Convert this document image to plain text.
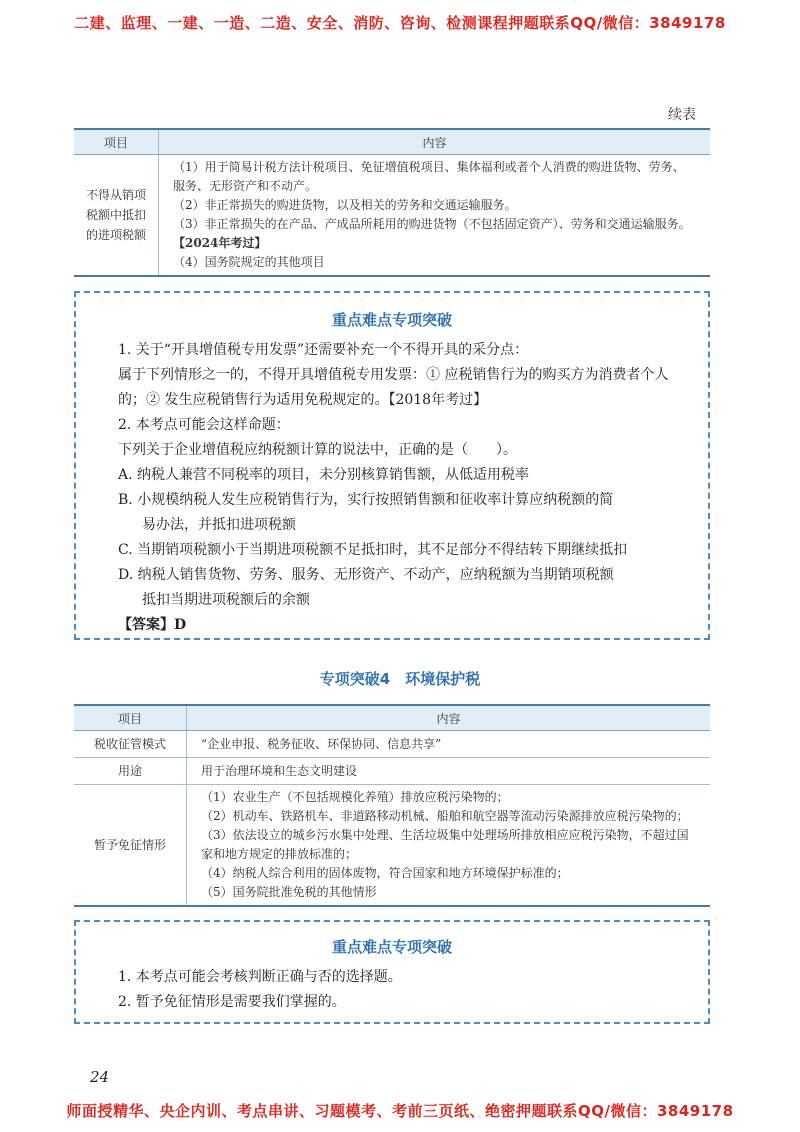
二建、监理、一建、一造、二造、安全、消防、咨询、检测课程押题联系QQ/微信：3849178
续表
项目	内容
不得从销项税额中抵扣的进项税额	（1）用于简易计税方法计税项目、免征增值税项目、集体福利或者个人消费的购进货物、劳务、服务、无形资产和不动产。
（2）非正常损失的购进货物，以及相关的劳务和交通运输服务。
（3）非正常损失的在产品、产成品所耗用的购进货物（不包括固定资产）、劳务和交通运输服务。
【2024年考过】
（4）国务院规定的其他项目
重点难点专项突破

1. 关于“开具增值税专用发票”还需要补充一个不得开具的采分点：

属于下列情形之一的，不得开具增值税专用发票：① 应税销售行为的购买方为消费者个人的；② 发生应税销售行为适用免税规定的。【2018年考过】

2. 本考点可能会这样命题：

下列关于企业增值税应纳税额计算的说法中，正确的是（　　）。

A. 纳税人兼营不同税率的项目，未分别核算销售额，从低适用税率

B. 小规模纳税人发生应税销售行为，实行按照销售额和征收率计算应纳税额的简

易办法，并抵扣进项税额

C. 当期销项税额小于当期进项税额不足抵扣时，其不足部分不得结转下期继续抵扣

D. 纳税人销售货物、劳务、服务、无形资产、不动产，应纳税额为当期销项税额

抵扣当期进项税额后的余额

【答案】D

专项突破4　环境保护税
项目	内容
税收征管模式	“企业申报、税务征收、环保协同、信息共享”
用途	用于治理环境和生态文明建设
暂予免征情形	（1）农业生产（不包括规模化养殖）排放应税污染物的；
（2）机动车、铁路机车、非道路移动机械、船舶和航空器等流动污染源排放应税污染物的；
（3）依法设立的城乡污水集中处理、生活垃圾集中处理场所排放相应应税污染物，不超过国家和地方规定的排放标准的；
（4）纳税人综合利用的固体废物，符合国家和地方环境保护标准的；
（5）国务院批准免税的其他情形
重点难点专项突破

1. 本考点可能会考核判断正确与否的选择题。

2. 暂予免征情形是需要我们掌握的。

24
师面授精华、央企内训、考点串讲、习题模考、考前三页纸、绝密押题联系QQ/微信：3849178
